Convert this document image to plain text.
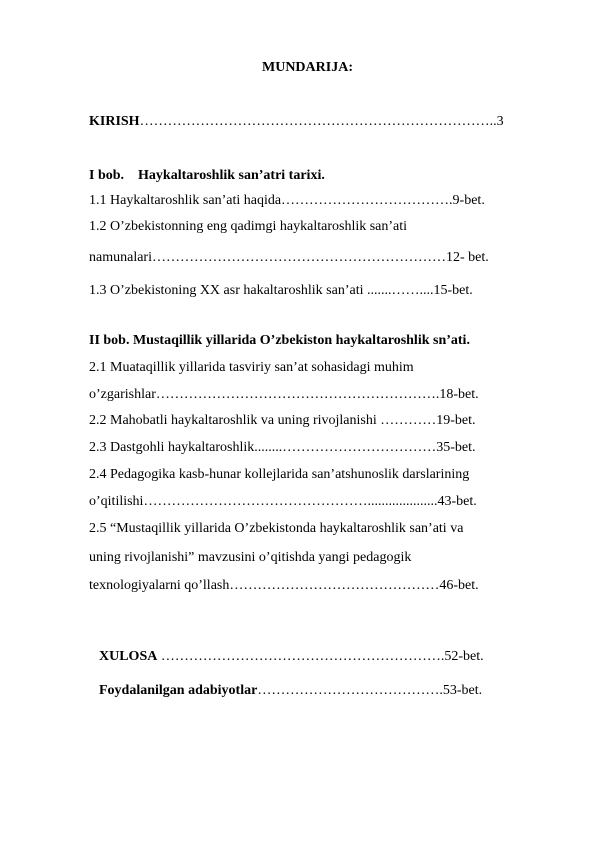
MUNDARIJA:
KIRISH…………………………………………………………………..3
I bob. Haykaltaroshlik san’atri tarixi.
1.1 Haykaltaroshlik san’ati haqida……………………………….9-bet.
1.2 O’zbekistonning eng qadimgi haykaltaroshlik san’ati
namunalari………………………………………………………12- bet.
1.3 O’zbekistoning XX asr hakaltaroshlik san’ati .......……....15-bet.
II bob. Mustaqillik yillarida O’zbekiston haykaltaroshlik sn’ati.
2.1 Muataqillik yillarida tasviriy san’at sohasidagi muhim
o’zgarishlar…………………………………………………….18-bet.
2.2 Mahobatli haykaltaroshlik va uning rivojlanishi …………19-bet.
2.3 Dastgohli haykaltaroshlik........……………………………35-bet.
2.4 Pedagogika kasb-hunar kollejlarida san’atshunoslik darslarining
o’qitilishi…………………………………………....................43-bet.
2.5 “Mustaqillik yillarida O’zbekistonda haykaltaroshlik san’ati va
uning rivojlanishi” mavzusini o’qitishda yangi pedagogik
texnologiyalarni qo’llash………………………………………46-bet.
XULOSA …………………………………………………….52-bet.
Foydalanilgan adabiyotlar………………………………….53-bet.
